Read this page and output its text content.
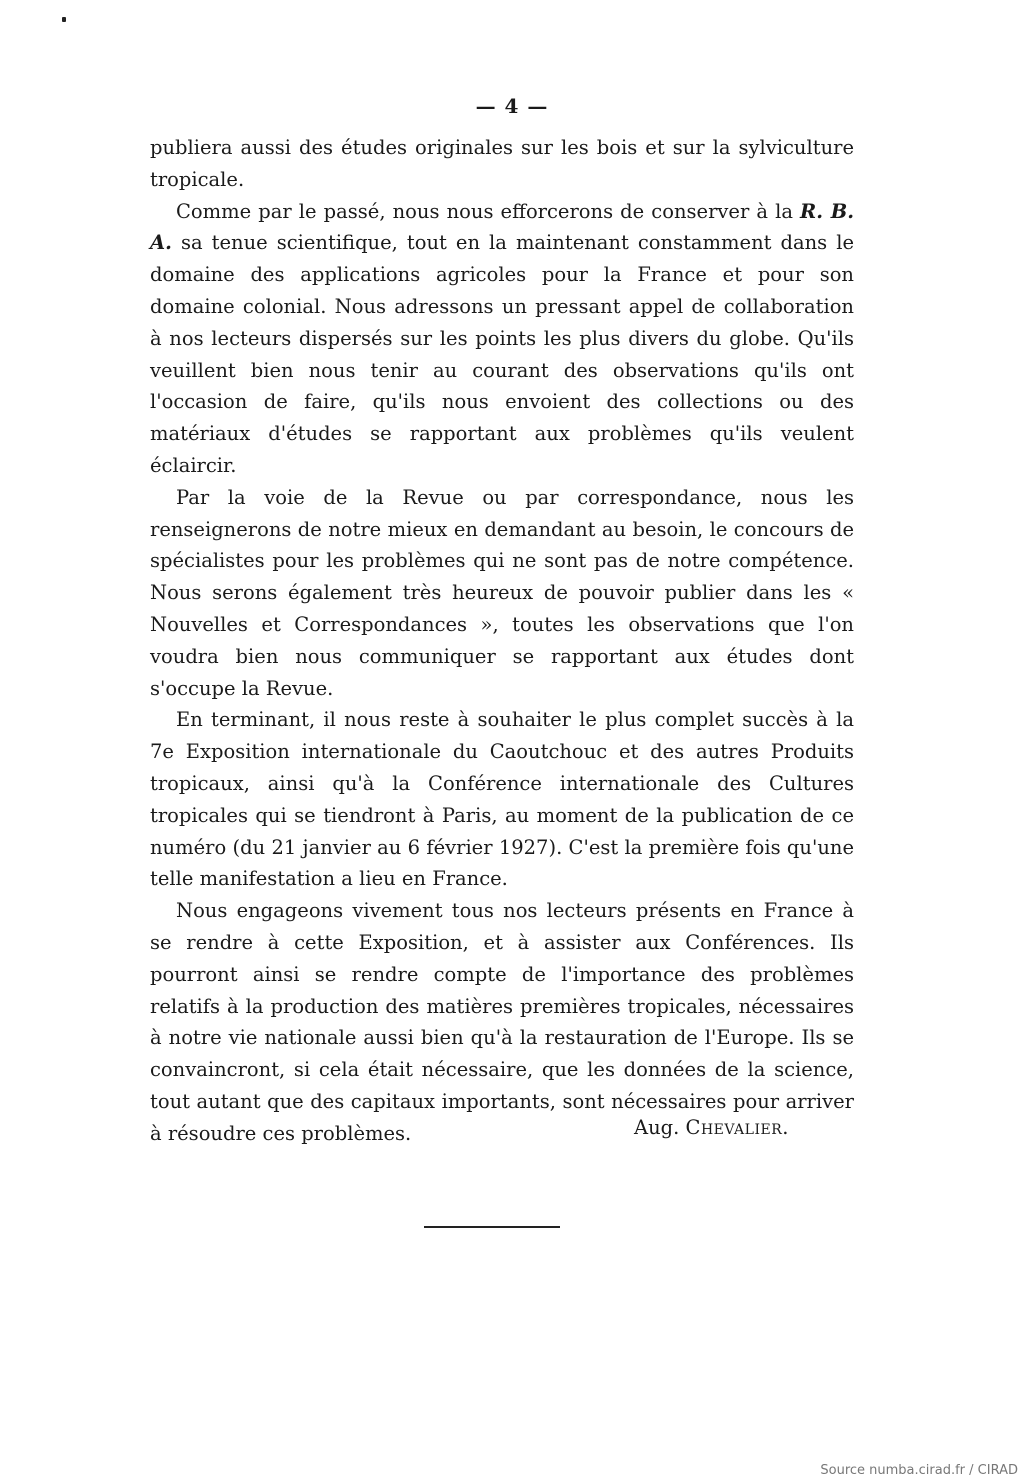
— 4 —

publiera aussi des études originales sur les bois et sur la sylviculture tropicale.

Comme par le passé, nous nous efforcerons de conserver à la R. B. A. sa tenue scientifique, tout en la maintenant constamment dans le domaine des applications agricoles pour la France et pour son domaine colonial. Nous adressons un pressant appel de collaboration à nos lecteurs dispersés sur les points les plus divers du globe. Qu'ils veuillent bien nous tenir au courant des observations qu'ils ont l'occasion de faire, qu'ils nous envoient des collections ou des matériaux d'études se rapportant aux problèmes qu'ils veulent éclaircir.

Par la voie de la Revue ou par correspondance, nous les renseignerons de notre mieux en demandant au besoin, le concours de spécialistes pour les problèmes qui ne sont pas de notre compétence. Nous serons également très heureux de pouvoir publier dans les « Nouvelles et Correspondances », toutes les observations que l'on voudra bien nous communiquer se rapportant aux études dont s'occupe la Revue.

En terminant, il nous reste à souhaiter le plus complet succès à la 7e Exposition internationale du Caoutchouc et des autres Produits tropicaux, ainsi qu'à la Conférence internationale des Cultures tropicales qui se tiendront à Paris, au moment de la publication de ce numéro (du 21 janvier au 6 février 1927). C'est la première fois qu'une telle manifestation a lieu en France.

Nous engageons vivement tous nos lecteurs présents en France à se rendre à cette Exposition, et à assister aux Conférences. Ils pourront ainsi se rendre compte de l'importance des problèmes relatifs à la production des matières premières tropicales, nécessaires à notre vie nationale aussi bien qu'à la restauration de l'Europe. Ils se convaincront, si cela était nécessaire, que les données de la science, tout autant que des capitaux importants, sont nécessaires pour arriver à résoudre ces problèmes.	Aug. Chevalier.
Source numba.cirad.fr / CIRAD
